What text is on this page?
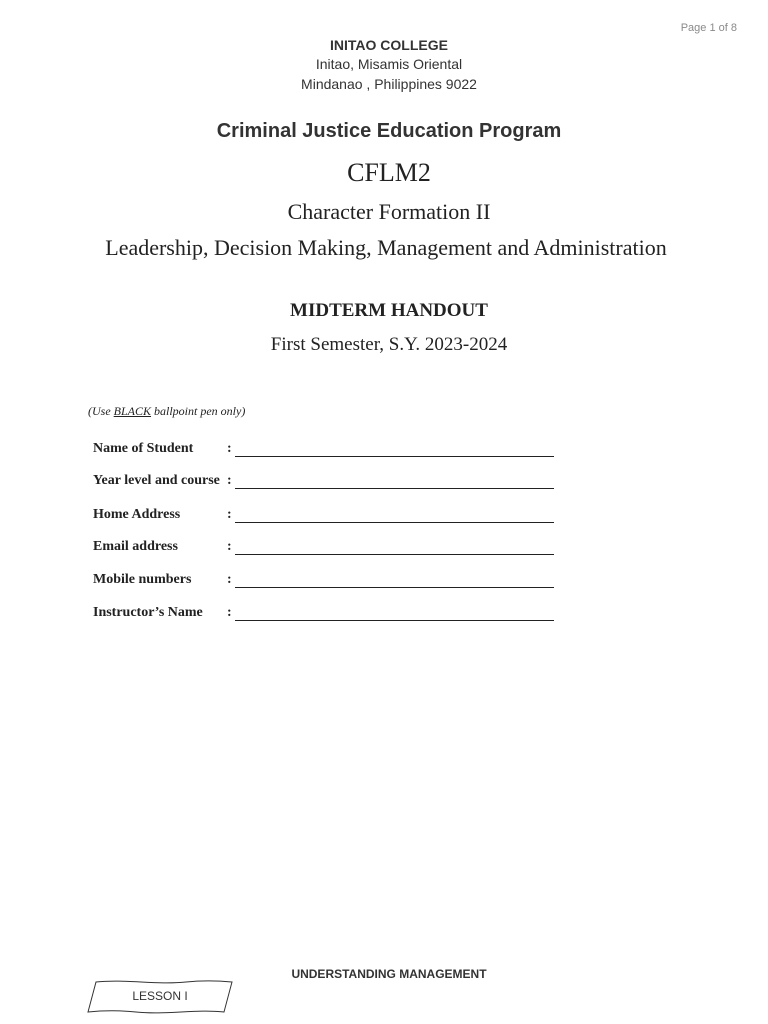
Page 1 of 8
INITAO COLLEGE
Initao, Misamis Oriental
Mindanao , Philippines 9022
Criminal Justice Education Program
CFLM2
Character Formation II
Leadership, Decision Making, Management and Administration
MIDTERM HANDOUT
First Semester, S.Y. 2023-2024
(Use BLACK ballpoint pen only)
Name of Student :
Year level and course :
Home Address	:
Email address	:
Mobile numbers	:
Instructor’s Name :
UNDERSTANDING MANAGEMENT
LESSON I
